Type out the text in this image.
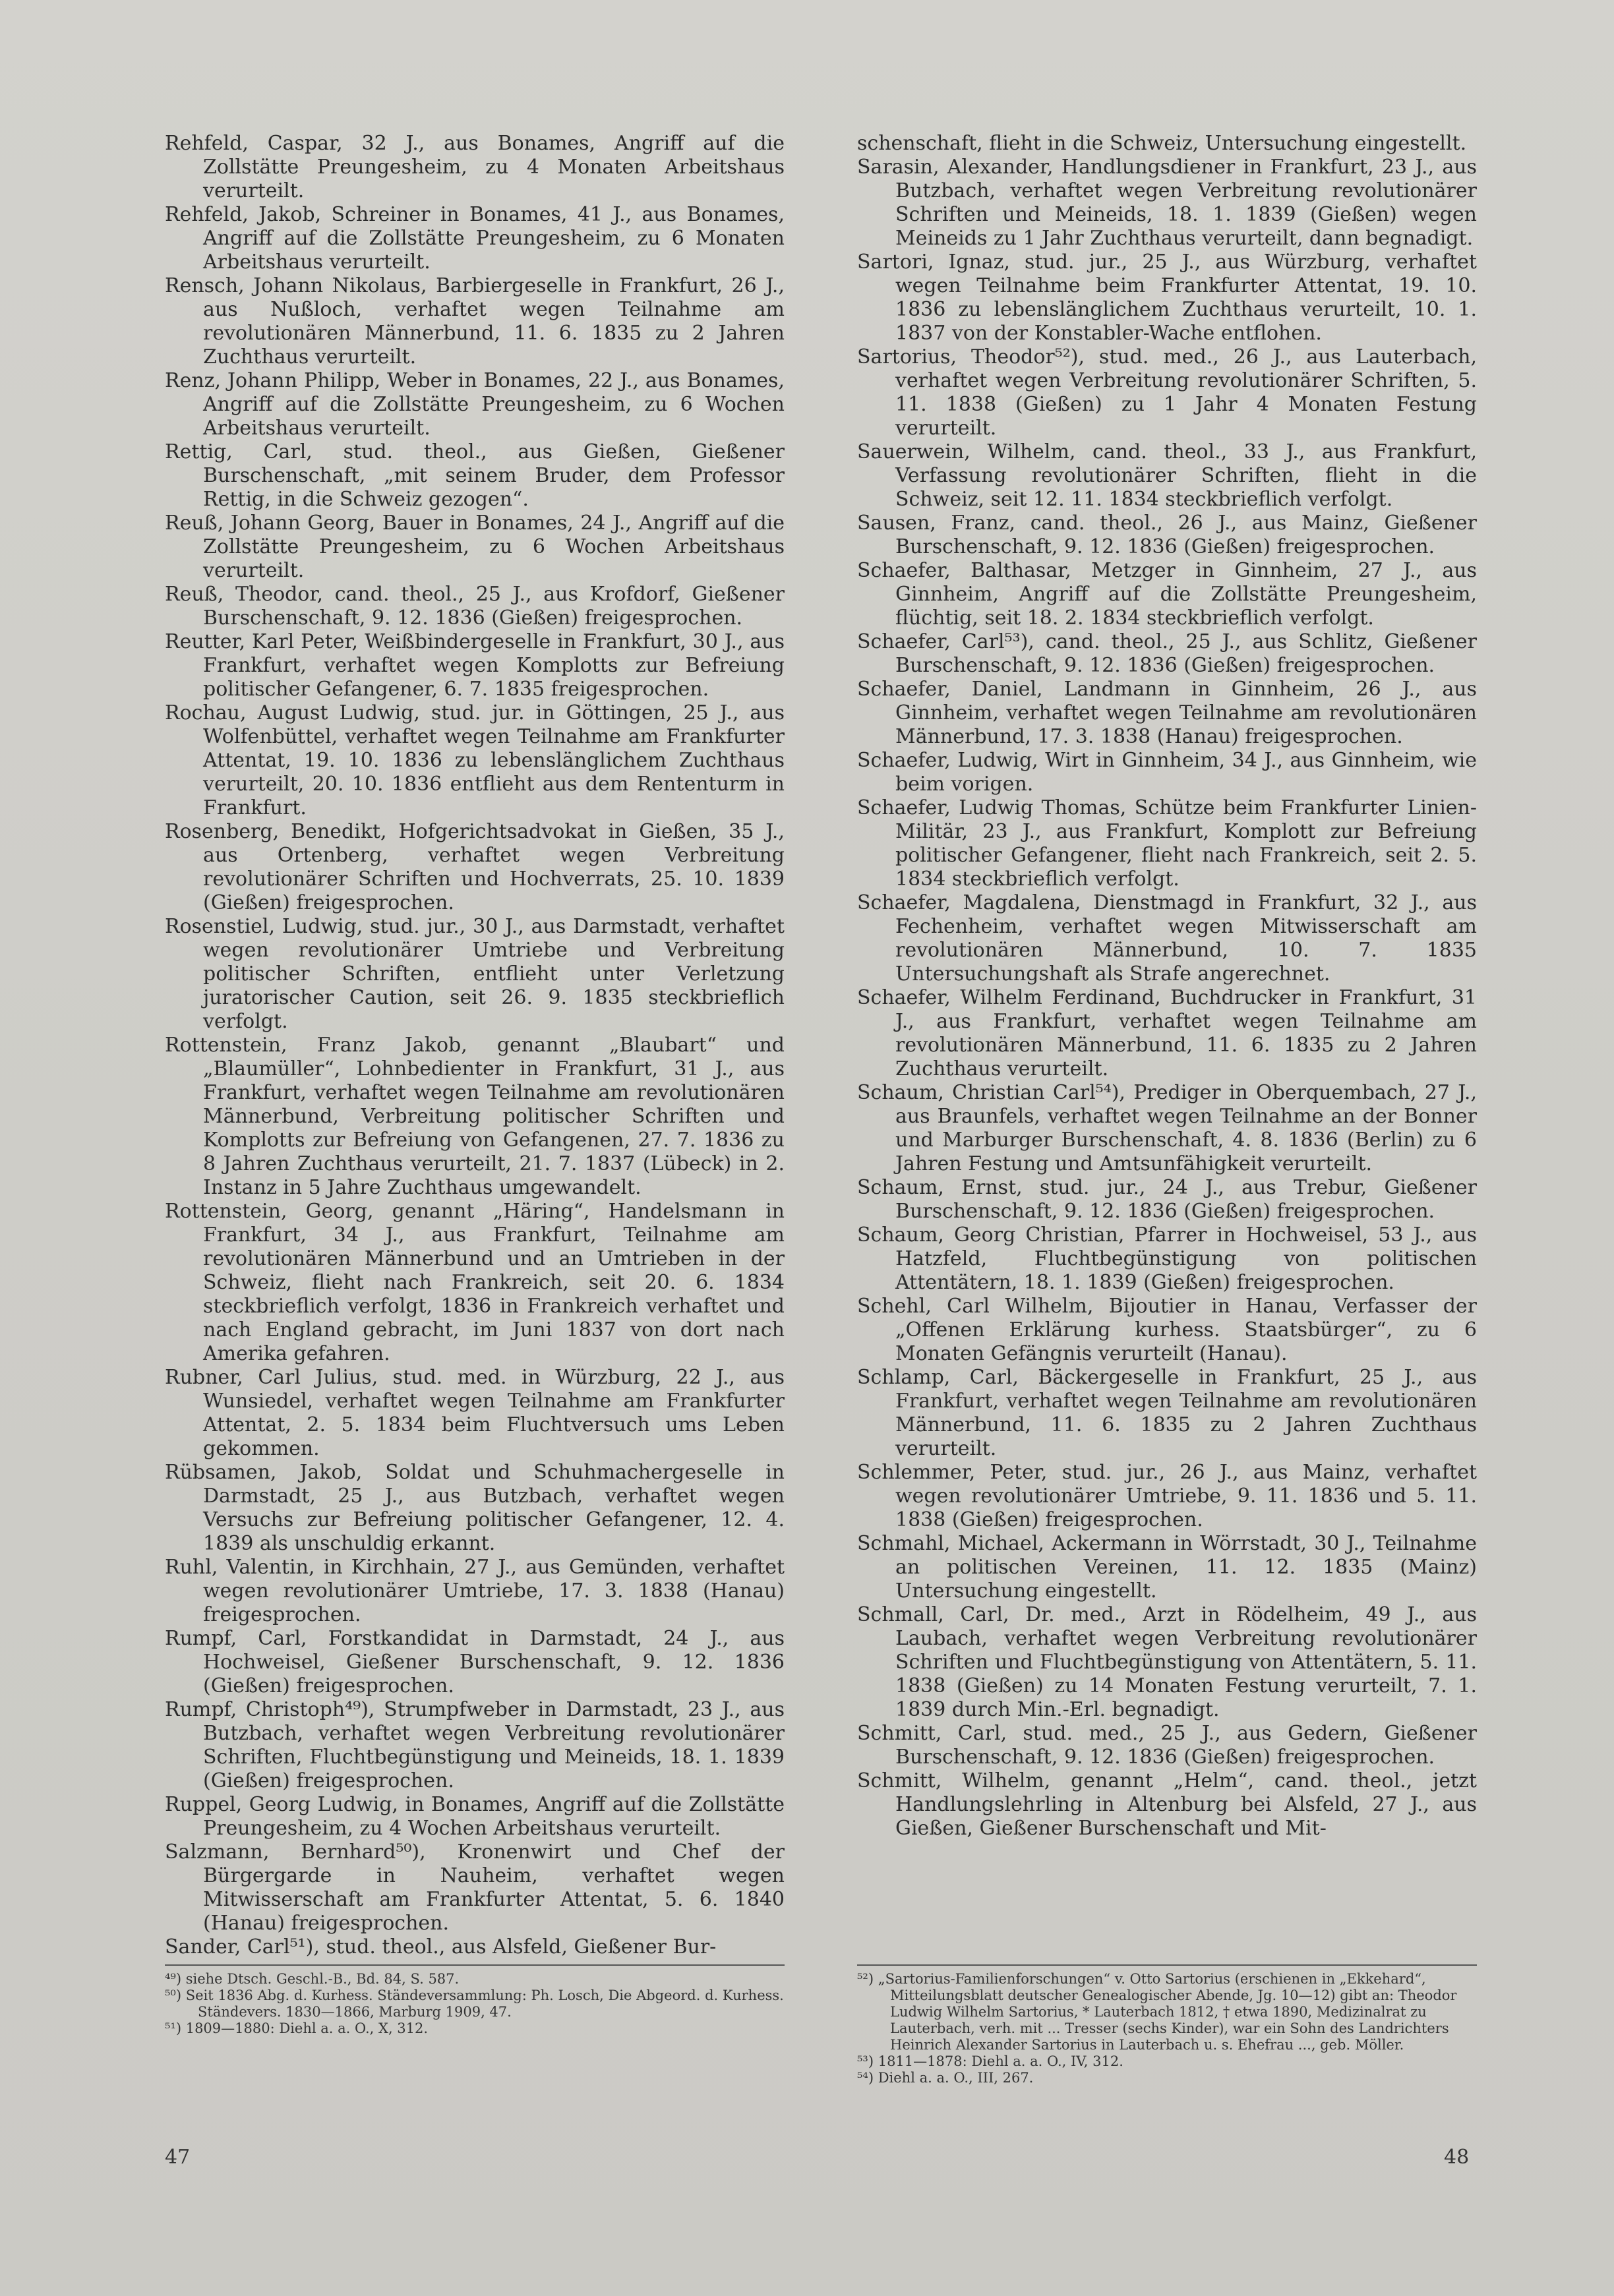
Rehfeld, Caspar, 32 J., aus Bonames, Angriff auf die Zollstätte Preungesheim, zu 4 Monaten Arbeitshaus verurteilt.

Rehfeld, Jakob, Schreiner in Bonames, 41 J., aus Bonames, Angriff auf die Zollstätte Preungesheim, zu 6 Monaten Arbeitshaus verurteilt.

Rensch, Johann Nikolaus, Barbiergeselle in Frankfurt, 26 J., aus Nußloch, verhaftet wegen Teilnahme am revolutionären Männerbund, 11. 6. 1835 zu 2 Jahren Zuchthaus verurteilt.

Renz, Johann Philipp, Weber in Bonames, 22 J., aus Bonames, Angriff auf die Zollstätte Preungesheim, zu 6 Wochen Arbeitshaus verurteilt.

Rettig, Carl, stud. theol., aus Gießen, Gießener Burschenschaft, „mit seinem Bruder, dem Professor Rettig, in die Schweiz gezogen“.

Reuß, Johann Georg, Bauer in Bonames, 24 J., Angriff auf die Zollstätte Preungesheim, zu 6 Wochen Arbeitshaus verurteilt.

Reuß, Theodor, cand. theol., 25 J., aus Krofdorf, Gießener Burschenschaft, 9. 12. 1836 (Gießen) freigesprochen.

Reutter, Karl Peter, Weißbindergeselle in Frankfurt, 30 J., aus Frankfurt, verhaftet wegen Komplotts zur Befreiung politischer Gefangener, 6. 7. 1835 freigesprochen.

Rochau, August Ludwig, stud. jur. in Göttingen, 25 J., aus Wolfenbüttel, verhaftet wegen Teilnahme am Frankfurter Attentat, 19. 10. 1836 zu lebenslänglichem Zuchthaus verurteilt, 20. 10. 1836 entflieht aus dem Rententurm in Frankfurt.

Rosenberg, Benedikt, Hofgerichtsadvokat in Gießen, 35 J., aus Ortenberg, verhaftet wegen Verbreitung revolutionärer Schriften und Hochverrats, 25. 10. 1839 (Gießen) freigesprochen.

Rosenstiel, Ludwig, stud. jur., 30 J., aus Darmstadt, verhaftet wegen revolutionärer Umtriebe und Verbreitung politischer Schriften, entflieht unter Verletzung juratorischer Caution, seit 26. 9. 1835 steckbrieflich verfolgt.

Rottenstein, Franz Jakob, genannt „Blaubart“ und „Blaumüller“, Lohnbedienter in Frankfurt, 31 J., aus Frankfurt, verhaftet wegen Teilnahme am revolutionären Männerbund, Verbreitung politischer Schriften und Komplotts zur Befreiung von Gefangenen, 27. 7. 1836 zu 8 Jahren Zuchthaus verurteilt, 21. 7. 1837 (Lübeck) in 2. Instanz in 5 Jahre Zuchthaus umgewandelt.

Rottenstein, Georg, genannt „Häring“, Handelsmann in Frankfurt, 34 J., aus Frankfurt, Teilnahme am revolutionären Männerbund und an Umtrieben in der Schweiz, flieht nach Frankreich, seit 20. 6. 1834 steckbrieflich verfolgt, 1836 in Frankreich verhaftet und nach England gebracht, im Juni 1837 von dort nach Amerika gefahren.

Rubner, Carl Julius, stud. med. in Würzburg, 22 J., aus Wunsiedel, verhaftet wegen Teilnahme am Frankfurter Attentat, 2. 5. 1834 beim Fluchtversuch ums Leben gekommen.

Rübsamen, Jakob, Soldat und Schuhmachergeselle in Darmstadt, 25 J., aus Butzbach, verhaftet wegen Versuchs zur Befreiung politischer Gefangener, 12. 4. 1839 als unschuldig erkannt.

Ruhl, Valentin, in Kirchhain, 27 J., aus Gemünden, verhaftet wegen revolutionärer Umtriebe, 17. 3. 1838 (Hanau) freigesprochen.

Rumpf, Carl, Forstkandidat in Darmstadt, 24 J., aus Hochweisel, Gießener Burschenschaft, 9. 12. 1836 (Gießen) freigesprochen.

Rumpf, Christoph⁴⁹), Strumpfweber in Darmstadt, 23 J., aus Butzbach, verhaftet wegen Verbreitung revolutionärer Schriften, Fluchtbegünstigung und Meineids, 18. 1. 1839 (Gießen) freigesprochen.

Ruppel, Georg Ludwig, in Bonames, Angriff auf die Zollstätte Preungesheim, zu 4 Wochen Arbeitshaus verurteilt.

Salzmann, Bernhard⁵⁰), Kronenwirt und Chef der Bürgergarde in Nauheim, verhaftet wegen Mitwisserschaft am Frankfurter Attentat, 5. 6. 1840 (Hanau) freigesprochen.

Sander, Carl⁵¹), stud. theol., aus Alsfeld, Gießener Bur-

⁴⁹) siehe Dtsch. Geschl.-B., Bd. 84, S. 587.

⁵⁰) Seit 1836 Abg. d. Kurhess. Ständeversammlung: Ph. Losch, Die Abgeord. d. Kurhess. Ständevers. 1830—1866, Marburg 1909, 47.

⁵¹) 1809—1880: Diehl a. a. O., X, 312.

schenschaft, flieht in die Schweiz, Untersuchung eingestellt.

Sarasin, Alexander, Handlungsdiener in Frankfurt, 23 J., aus Butzbach, verhaftet wegen Verbreitung revolutionärer Schriften und Meineids, 18. 1. 1839 (Gießen) wegen Meineids zu 1 Jahr Zuchthaus verurteilt, dann begnadigt.

Sartori, Ignaz, stud. jur., 25 J., aus Würzburg, verhaftet wegen Teilnahme beim Frankfurter Attentat, 19. 10. 1836 zu lebenslänglichem Zuchthaus verurteilt, 10. 1. 1837 von der Konstabler-Wache entflohen.

Sartorius, Theodor⁵²), stud. med., 26 J., aus Lauterbach, verhaftet wegen Verbreitung revolutionärer Schriften, 5. 11. 1838 (Gießen) zu 1 Jahr 4 Monaten Festung verurteilt.

Sauerwein, Wilhelm, cand. theol., 33 J., aus Frankfurt, Verfassung revolutionärer Schriften, flieht in die Schweiz, seit 12. 11. 1834 steckbrieflich verfolgt.

Sausen, Franz, cand. theol., 26 J., aus Mainz, Gießener Burschenschaft, 9. 12. 1836 (Gießen) freigesprochen.

Schaefer, Balthasar, Metzger in Ginnheim, 27 J., aus Ginnheim, Angriff auf die Zollstätte Preungesheim, flüchtig, seit 18. 2. 1834 steckbrieflich verfolgt.

Schaefer, Carl⁵³), cand. theol., 25 J., aus Schlitz, Gießener Burschenschaft, 9. 12. 1836 (Gießen) freigesprochen.

Schaefer, Daniel, Landmann in Ginnheim, 26 J., aus Ginnheim, verhaftet wegen Teilnahme am revolutionären Männerbund, 17. 3. 1838 (Hanau) freigesprochen.

Schaefer, Ludwig, Wirt in Ginnheim, 34 J., aus Ginnheim, wie beim vorigen.

Schaefer, Ludwig Thomas, Schütze beim Frankfurter Linien-Militär, 23 J., aus Frankfurt, Komplott zur Befreiung politischer Gefangener, flieht nach Frankreich, seit 2. 5. 1834 steckbrieflich verfolgt.

Schaefer, Magdalena, Dienstmagd in Frankfurt, 32 J., aus Fechenheim, verhaftet wegen Mitwisserschaft am revolutionären Männerbund, 10. 7. 1835 Untersuchungshaft als Strafe angerechnet.

Schaefer, Wilhelm Ferdinand, Buchdrucker in Frankfurt, 31 J., aus Frankfurt, verhaftet wegen Teilnahme am revolutionären Männerbund, 11. 6. 1835 zu 2 Jahren Zuchthaus verurteilt.

Schaum, Christian Carl⁵⁴), Prediger in Oberquembach, 27 J., aus Braunfels, verhaftet wegen Teilnahme an der Bonner und Marburger Burschenschaft, 4. 8. 1836 (Berlin) zu 6 Jahren Festung und Amtsunfähigkeit verurteilt.

Schaum, Ernst, stud. jur., 24 J., aus Trebur, Gießener Burschenschaft, 9. 12. 1836 (Gießen) freigesprochen.

Schaum, Georg Christian, Pfarrer in Hochweisel, 53 J., aus Hatzfeld, Fluchtbegünstigung von politischen Attentätern, 18. 1. 1839 (Gießen) freigesprochen.

Schehl, Carl Wilhelm, Bijoutier in Hanau, Verfasser der „Offenen Erklärung kurhess. Staatsbürger“, zu 6 Monaten Gefängnis verurteilt (Hanau).

Schlamp, Carl, Bäckergeselle in Frankfurt, 25 J., aus Frankfurt, verhaftet wegen Teilnahme am revolutionären Männerbund, 11. 6. 1835 zu 2 Jahren Zuchthaus verurteilt.

Schlemmer, Peter, stud. jur., 26 J., aus Mainz, verhaftet wegen revolutionärer Umtriebe, 9. 11. 1836 und 5. 11. 1838 (Gießen) freigesprochen.

Schmahl, Michael, Ackermann in Wörrstadt, 30 J., Teilnahme an politischen Vereinen, 11. 12. 1835 (Mainz) Untersuchung eingestellt.

Schmall, Carl, Dr. med., Arzt in Rödelheim, 49 J., aus Laubach, verhaftet wegen Verbreitung revolutionärer Schriften und Fluchtbegünstigung von Attentätern, 5. 11. 1838 (Gießen) zu 14 Monaten Festung verurteilt, 7. 1. 1839 durch Min.-Erl. begnadigt.

Schmitt, Carl, stud. med., 25 J., aus Gedern, Gießener Burschenschaft, 9. 12. 1836 (Gießen) freigesprochen.

Schmitt, Wilhelm, genannt „Helm“, cand. theol., jetzt Handlungslehrling in Altenburg bei Alsfeld, 27 J., aus Gießen, Gießener Burschenschaft und Mit-

⁵²) „Sartorius-Familienforschungen“ v. Otto Sartorius (erschienen in „Ekkehard“, Mitteilungsblatt deutscher Genealogischer Abende, Jg. 10—12) gibt an: Theodor Ludwig Wilhelm Sartorius, * Lauterbach 1812, † etwa 1890, Medizinalrat zu Lauterbach, verh. mit ... Tresser (sechs Kinder), war ein Sohn des Landrichters Heinrich Alexander Sartorius in Lauterbach u. s. Ehefrau ..., geb. Möller.

⁵³) 1811—1878: Diehl a. a. O., IV, 312.

⁵⁴) Diehl a. a. O., III, 267.

47	48
